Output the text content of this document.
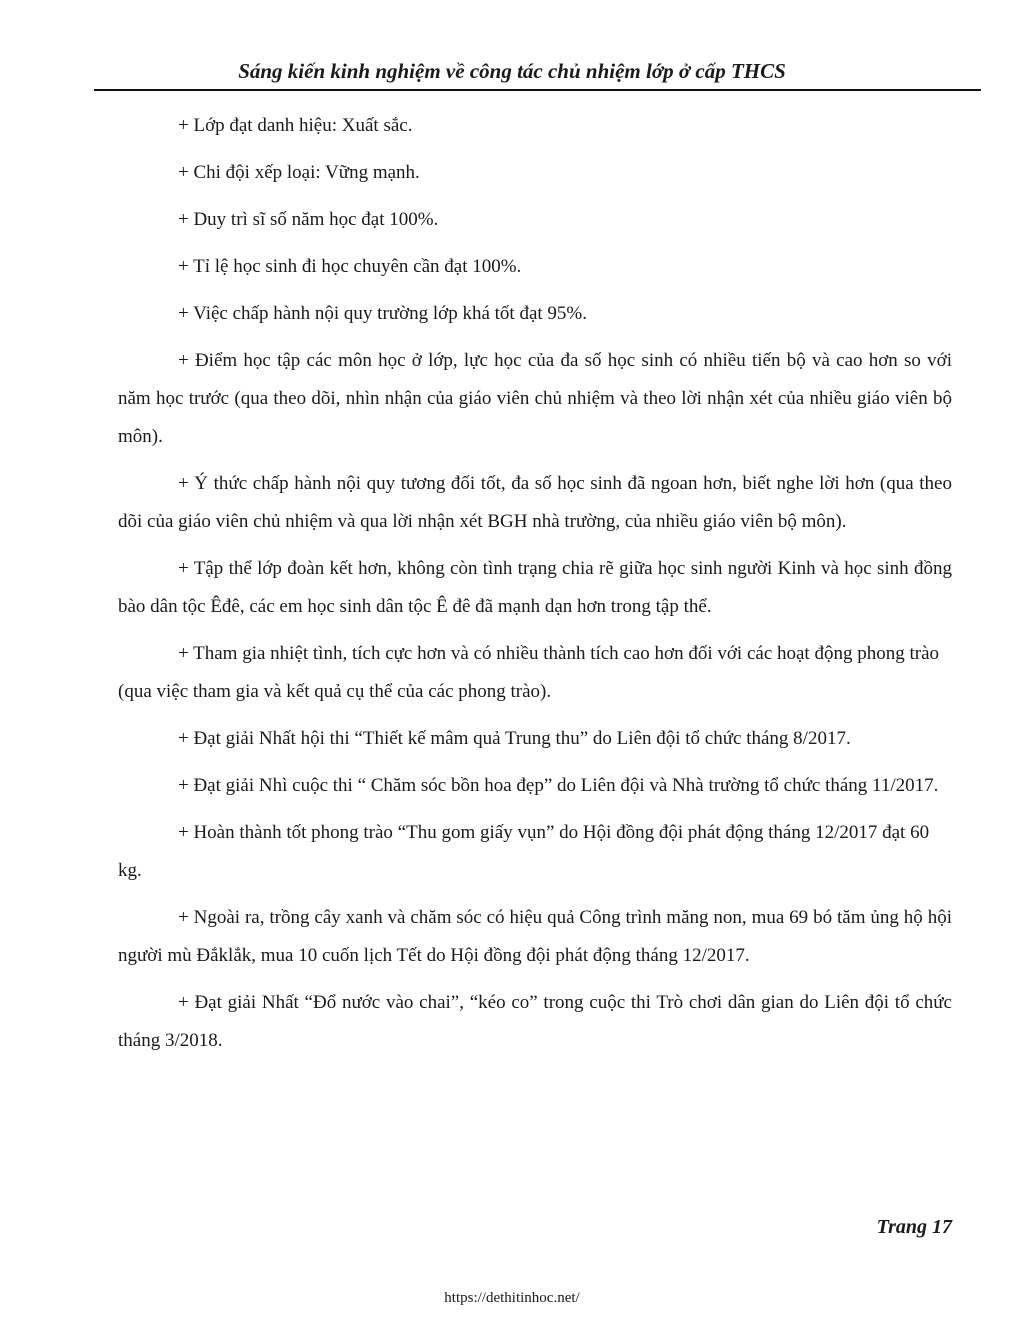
Sáng kiến kinh nghiệm về công tác chủ nhiệm lớp ở cấp THCS

+ Lớp đạt danh hiệu: Xuất sắc.

+ Chi đội xếp loại: Vững mạnh.

+ Duy trì sĩ số năm học đạt 100%.

+ Tỉ lệ học sinh đi học chuyên cần đạt 100%.

+ Việc chấp hành nội quy trường lớp khá tốt đạt 95%.

+ Điểm học tập các môn học ở lớp, lực học của đa số học sinh có nhiều tiến bộ và cao hơn so với năm học trước (qua theo dõi, nhìn nhận của giáo viên chủ nhiệm và theo lời nhận xét của nhiều giáo viên bộ môn).

+ Ý thức chấp hành nội quy tương đối tốt, đa số học sinh đã ngoan hơn, biết nghe lời hơn (qua theo dõi của giáo viên chủ nhiệm và qua lời nhận xét BGH nhà trường, của nhiều giáo viên bộ môn).

+ Tập thể lớp đoàn kết hơn, không còn tình trạng chia rẽ giữa học sinh người Kinh và học sinh đồng bào dân tộc Êđê, các em học sinh dân tộc Ê đê đã mạnh dạn hơn trong tập thể.

+ Tham gia nhiệt tình, tích cực hơn và có nhiều thành tích cao hơn đối với các hoạt động phong trào (qua việc tham gia và kết quả cụ thể của các phong trào).

+ Đạt giải Nhất hội thi “Thiết kế mâm quả Trung thu” do Liên đội tổ chức tháng 8/2017.

+ Đạt giải Nhì cuộc thi “ Chăm sóc bồn hoa đẹp” do Liên đội và Nhà trường tổ chức tháng 11/2017.

+ Hoàn thành tốt phong trào “Thu gom giấy vụn” do Hội đồng đội phát động tháng 12/2017 đạt 60 kg.

+ Ngoài ra, trồng cây xanh và chăm sóc có hiệu quả Công trình măng non, mua 69 bó tăm ủng hộ hội người mù Đắklắk, mua 10 cuốn lịch Tết do Hội đồng đội phát động tháng 12/2017.

+ Đạt giải Nhất “Đổ nước vào chai”, “kéo co” trong cuộc thi Trò chơi dân gian do Liên đội tổ chức tháng 3/2018.

Trang 17
https://dethitinhoc.net/
